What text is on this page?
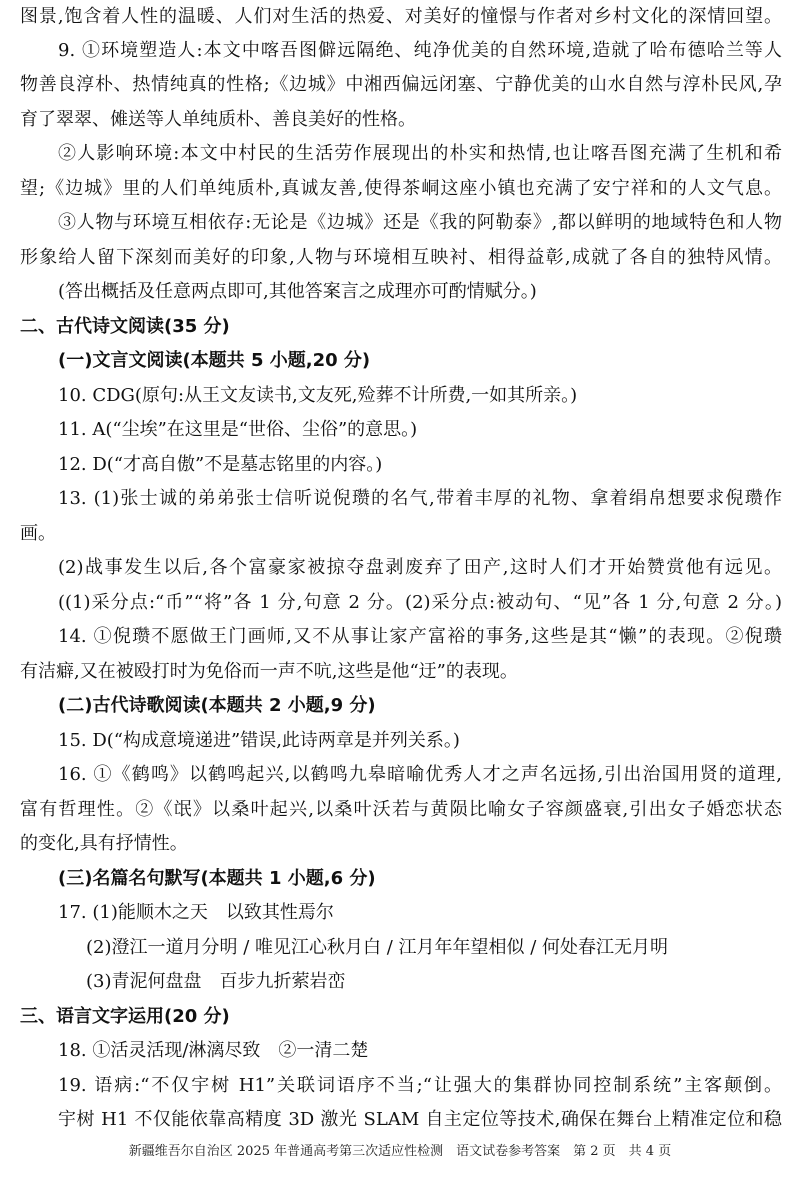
图景,饱含着人性的温暖、人们对生活的热爱、对美好的憧憬与作者对乡村文化的深情回望。
9. ①环境塑造人:本文中喀吾图僻远隔绝、纯净优美的自然环境,造就了哈布德哈兰等人
物善良淳朴、热情纯真的性格;《边城》中湘西偏远闭塞、宁静优美的山水自然与淳朴民风,孕
育了翠翠、傩送等人单纯质朴、善良美好的性格。
②人影响环境:本文中村民的生活劳作展现出的朴实和热情,也让喀吾图充满了生机和希
望;《边城》里的人们单纯质朴,真诚友善,使得茶峒这座小镇也充满了安宁祥和的人文气息。
③人物与环境互相依存:无论是《边城》还是《我的阿勒泰》,都以鲜明的地域特色和人物
形象给人留下深刻而美好的印象,人物与环境相互映衬、相得益彰,成就了各自的独特风情。
(答出概括及任意两点即可,其他答案言之成理亦可酌情赋分。)
二、古代诗文阅读(35 分)
(一)文言文阅读(本题共 5 小题,20 分)
10. CDG(原句:从王文友读书,文友死,殓葬不计所费,一如其所亲。)
11. A(“尘埃”在这里是“世俗、尘俗”的意思。)
12. D(“才高自傲”不是墓志铭里的内容。)
13. (1)张士诚的弟弟张士信听说倪瓒的名气,带着丰厚的礼物、拿着绢帛想要求倪瓒作
画。
(2)战事发生以后,各个富豪家被掠夺盘剥废弃了田产,这时人们才开始赞赏他有远见。
((1)采分点:“币”“将”各 1 分,句意 2 分。(2)采分点:被动句、“见”各 1 分,句意 2 分。)
14. ①倪瓒不愿做王门画师,又不从事让家产富裕的事务,这些是其“懒”的表现。②倪瓒
有洁癖,又在被殴打时为免俗而一声不吭,这些是他“迂”的表现。
(二)古代诗歌阅读(本题共 2 小题,9 分)
15. D(“构成意境递进”错误,此诗两章是并列关系。)
16. ①《鹤鸣》以鹤鸣起兴,以鹤鸣九皋暗喻优秀人才之声名远扬,引出治国用贤的道理,
富有哲理性。②《氓》以桑叶起兴,以桑叶沃若与黄陨比喻女子容颜盛衰,引出女子婚恋状态
的变化,具有抒情性。
(三)名篇名句默写(本题共 1 小题,6 分)
17. (1)能顺木之天　以致其性焉尔
(2)澄江一道月分明 / 唯见江心秋月白 / 江月年年望相似 / 何处春江无月明
(3)青泥何盘盘　百步九折萦岩峦
三、语言文字运用(20 分)
18. ①活灵活现/淋漓尽致　②一清二楚
19. 语病:“不仅宇树 H1”关联词语序不当;“让强大的集群协同控制系统”主客颠倒。
宇树 H1 不仅能依靠高精度 3D 激光 SLAM 自主定位等技术,确保在舞台上精准定位和稳
新疆维吾尔自治区 2025 年普通高考第三次适应性检测　语文试卷参考答案　第 2 页　共 4 页
